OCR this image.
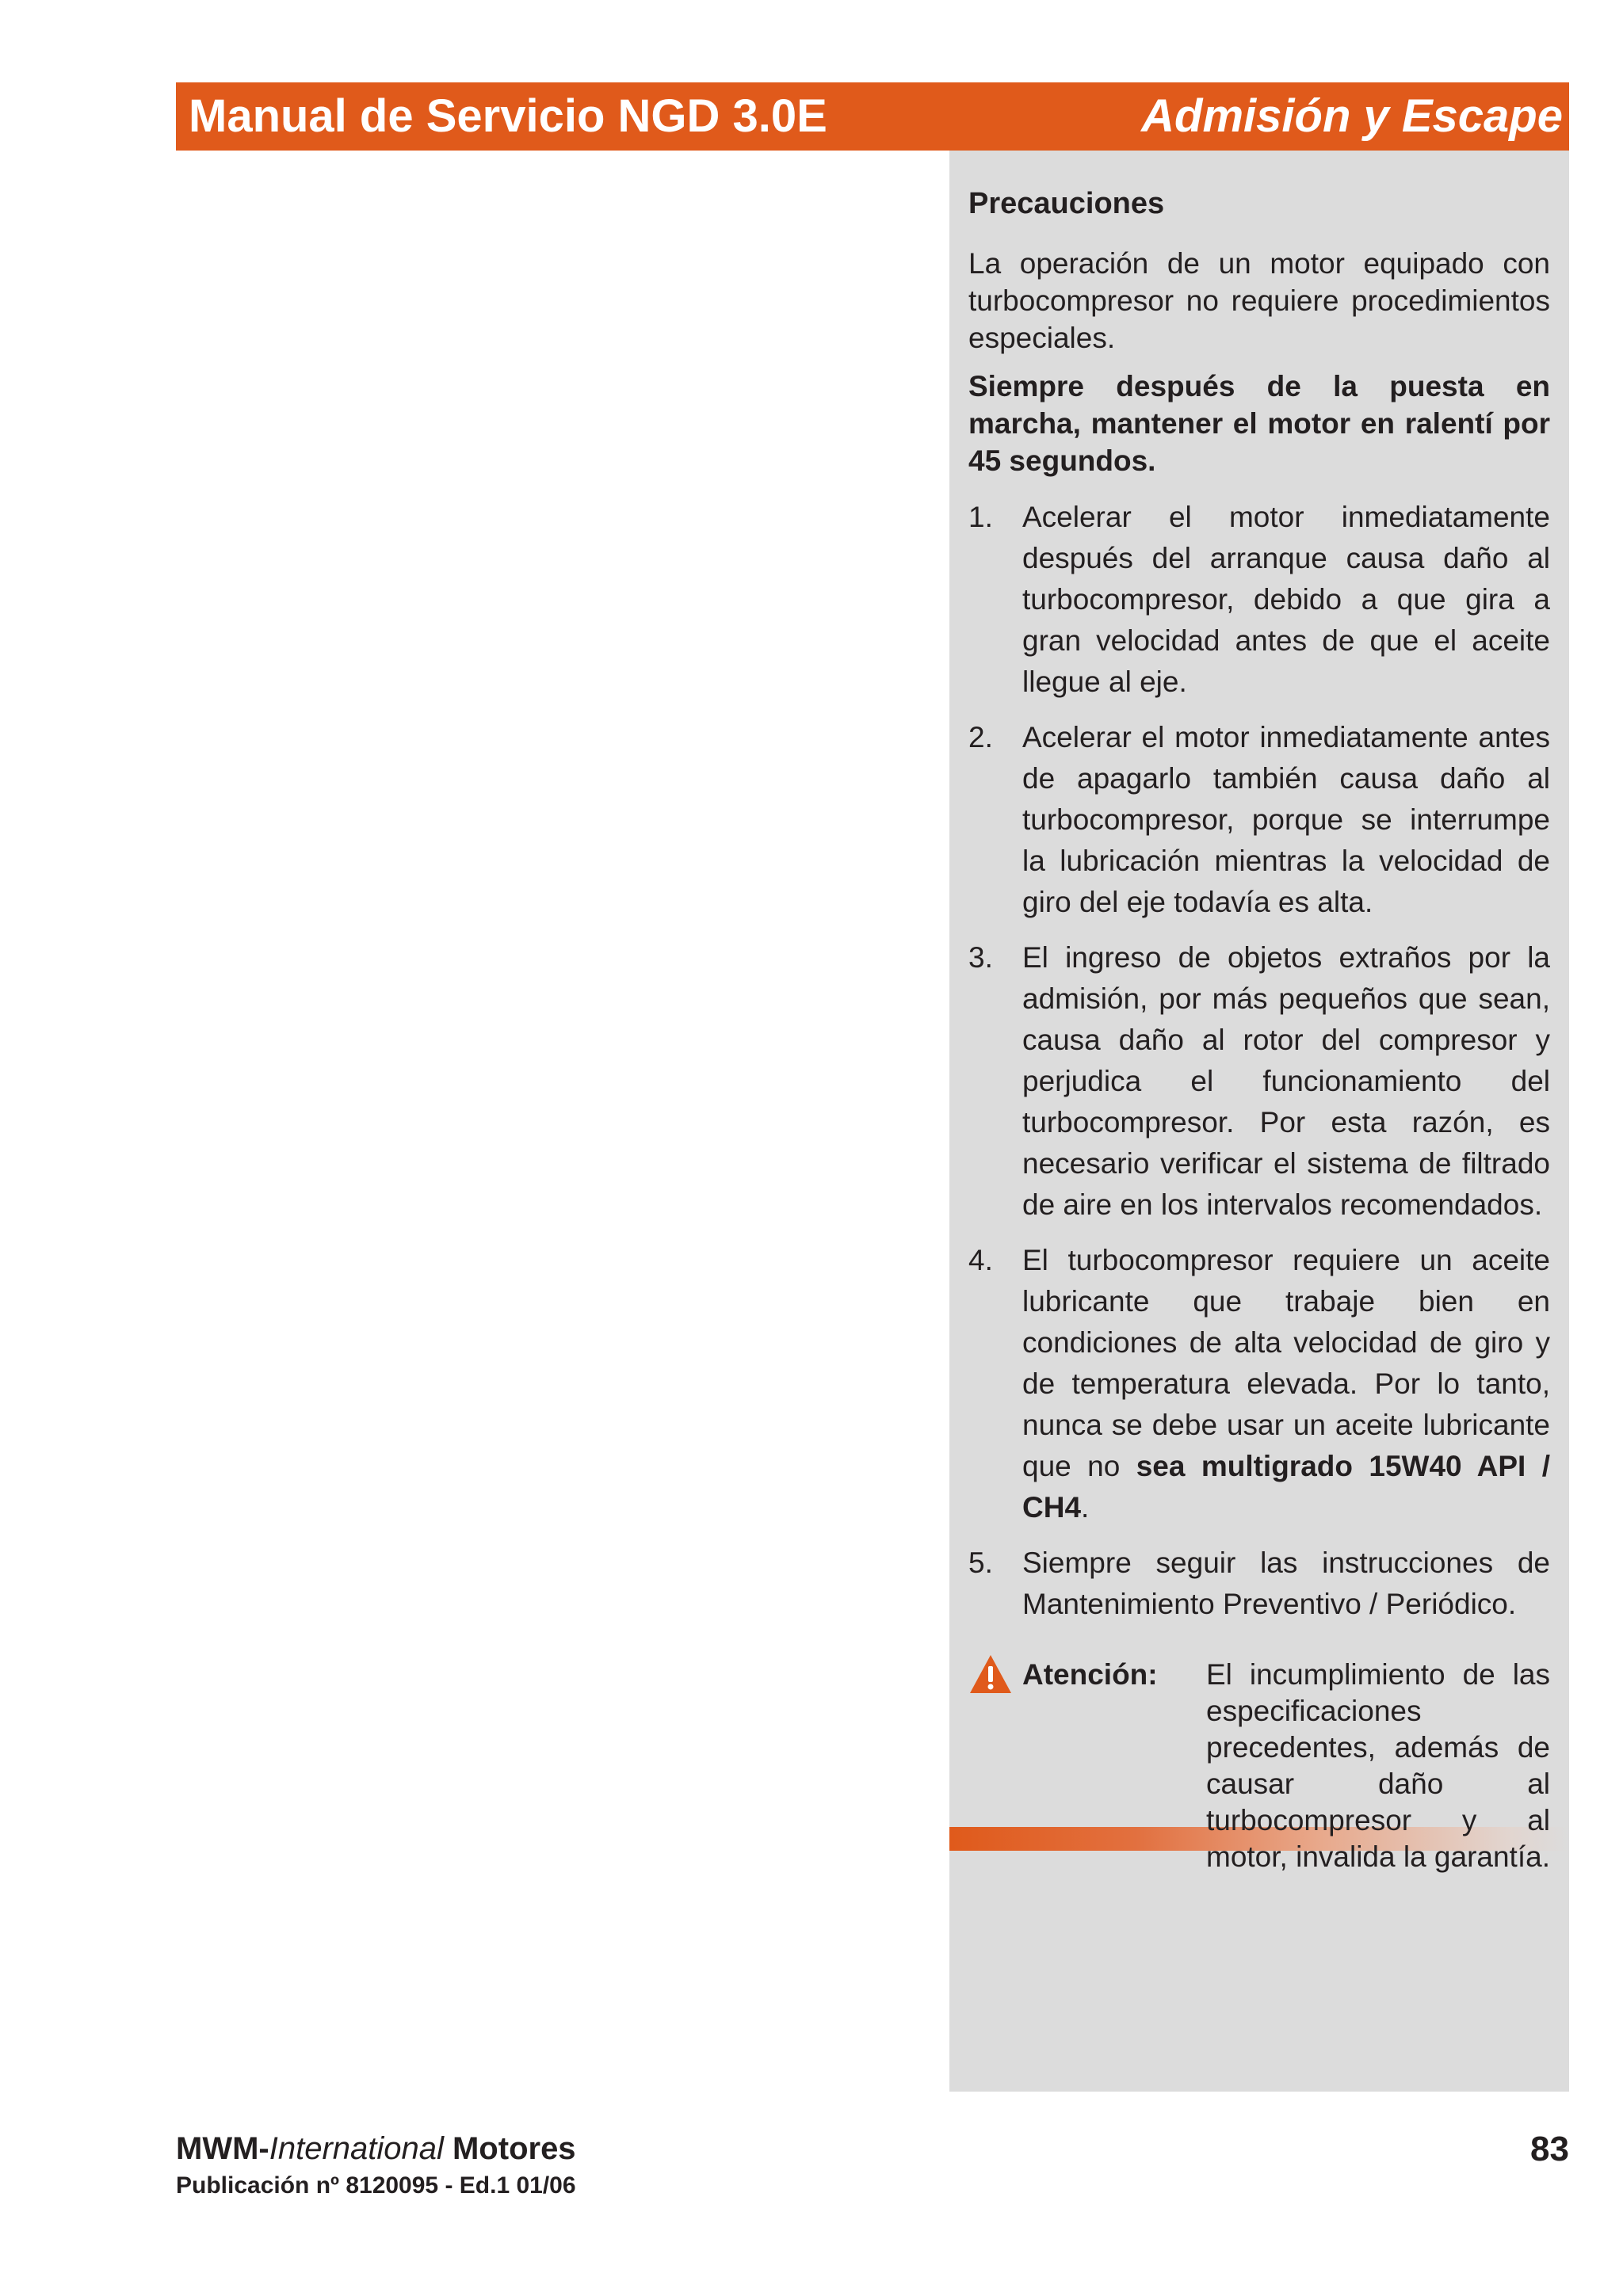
Manual de Servicio NGD 3.0E	Admisión y Escape
Precauciones

La operación de un motor equipado con turbocompresor no requiere procedimientos especiales.

Siempre después de la puesta en marcha, mantener el motor en ralentí por 45 segundos.

1.	Acelerar el motor inmediatamente después del arranque causa daño al turbocompresor, debido a que gira a gran velocidad antes de que el aceite llegue al eje.
2.	Acelerar el motor inmediatamente antes de apagarlo también causa daño al turbocompresor, porque se interrumpe la lubricación mientras la velocidad de giro del eje todavía es alta.
3.	El ingreso de objetos extraños por la admisión, por más pequeños que sean, causa daño al rotor del compresor y perjudica el funcionamiento del turbocompresor. Por esta razón, es necesario verificar el sistema de filtrado de aire en los intervalos recomendados.
4.	El turbocompresor requiere un aceite lubricante que trabaje bien en condiciones de alta velocidad de giro y de temperatura elevada. Por lo tanto, nunca se debe usar un aceite lubricante que no sea multigrado 15W40 API / CH4.
5.	Siempre seguir las instrucciones de Mantenimiento Preventivo / Periódico.
Atención:	El incumplimiento de las especificaciones precedentes, además de causar daño al turbocompresor y al motor, invalida la garantía.
MWM-International Motores
Publicación nº 8120095 - Ed.1 01/06
83
